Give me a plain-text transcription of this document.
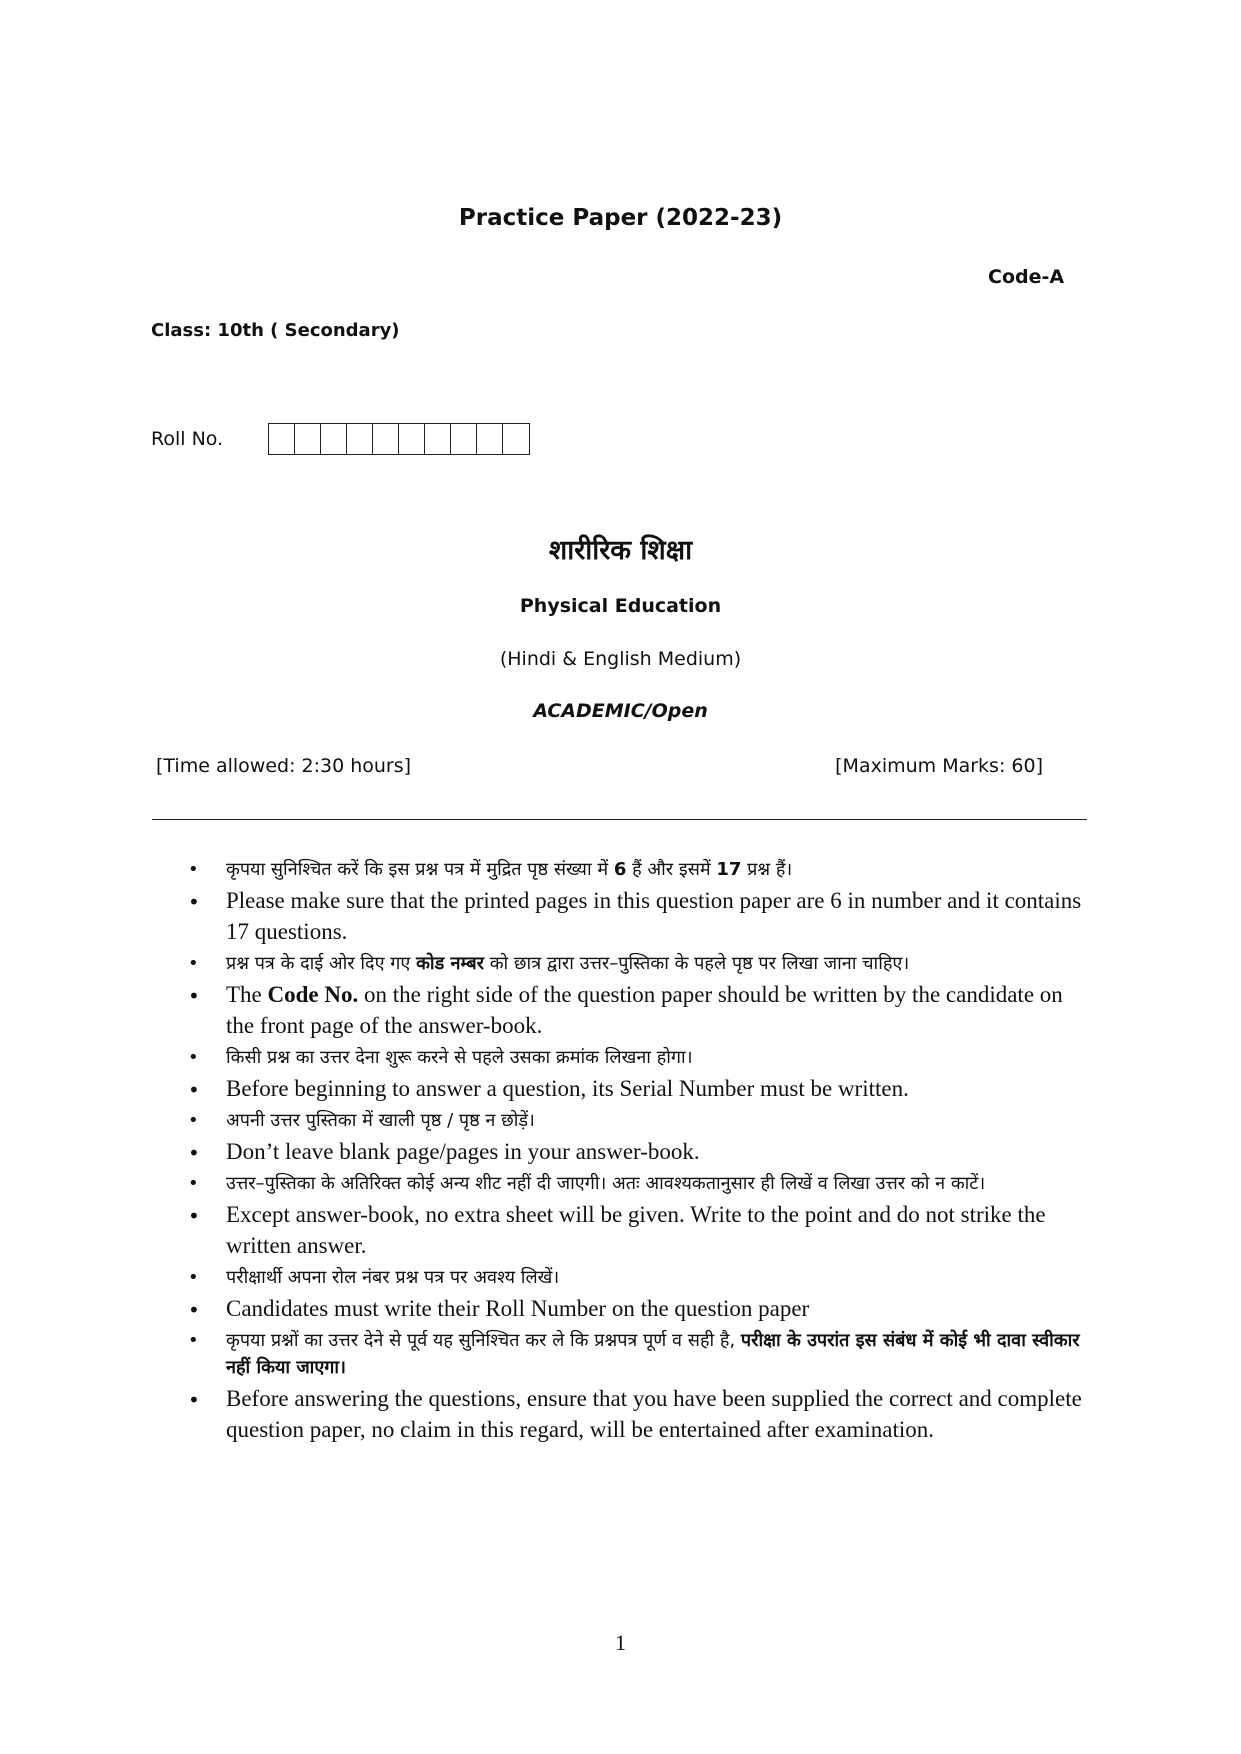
Practice Paper (2022-23)
Code-A
Class: 10th ( Secondary)
Roll No.
शारीरिक शिक्षा
Physical Education
(Hindi & English Medium)
ACADEMIC/Open
[Time allowed: 2:30 hours]	[Maximum Marks: 60]
• कृपया सुनिश्चित करें कि इस प्रश्न पत्र में मुद्रित पृष्ठ संख्या में 6 हैं और इसमें 17 प्रश्न हैं।
• Please make sure that the printed pages in this question paper are 6 in number and it contains 17 questions.
• प्रश्न पत्र के दाई ओर दिए गए कोड नम्बर को छात्र द्वारा उत्तर–पुस्तिका के पहले पृष्ठ पर लिखा जाना चाहिए।
• The Code No. on the right side of the question paper should be written by the candidate on the front page of the answer-book.
• किसी प्रश्न का उत्तर देना शुरू करने से पहले उसका क्रमांक लिखना होगा।
• Before beginning to answer a question, its Serial Number must be written.
• अपनी उत्तर पुस्तिका में खाली पृष्ठ / पृष्ठ न छोड़ें।
• Don’t leave blank page/pages in your answer-book.
• उत्तर–पुस्तिका के अतिरिक्त कोई अन्य शीट नहीं दी जाएगी। अतः आवश्यकतानुसार ही लिखें व लिखा उत्तर को न काटें।
• Except answer-book, no extra sheet will be given. Write to the point and do not strike the written answer.
• परीक्षार्थी अपना रोल नंबर प्रश्न पत्र पर अवश्य लिखें।
• Candidates must write their Roll Number on the question paper
• कृपया प्रश्नों का उत्तर देने से पूर्व यह सुनिश्चित कर ले कि प्रश्नपत्र पूर्ण व सही है, परीक्षा के उपरांत इस संबंध में कोई भी दावा स्वीकार नहीं किया जाएगा।
• Before answering the questions, ensure that you have been supplied the correct and complete question paper, no claim in this regard, will be entertained after examination.
1
